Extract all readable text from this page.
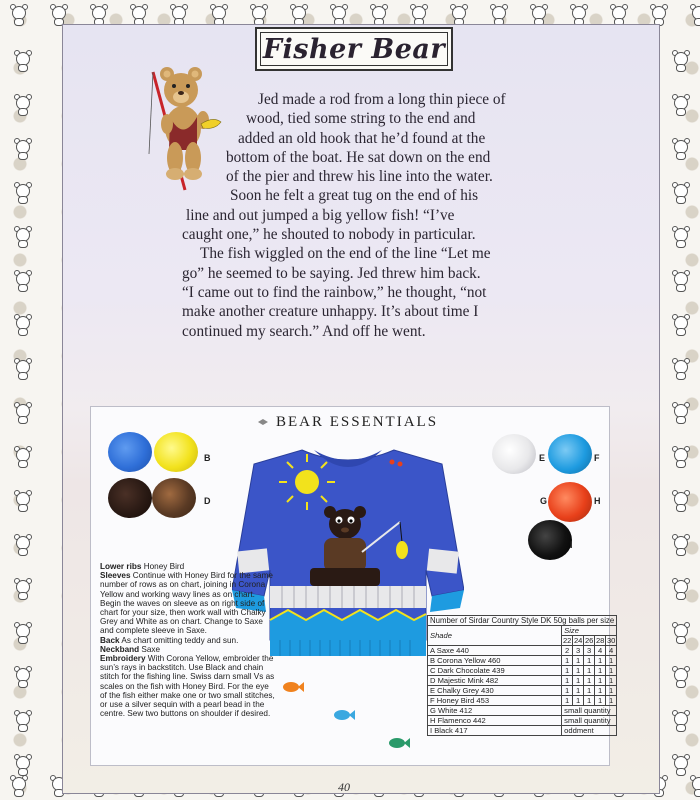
Fisher Bear
Jed made a rod from a long thin piece of
wood, tied some string to the end and
added an old hook that he’d found at the
bottom of the boat. He sat down on the end
of the pier and threw his line into the water.
Soon he felt a great tug on the end of his
line and out jumped a big yellow fish! “I’ve
caught one,” he shouted to nobody in particular.
The fish wiggled on the end of the line “Let me
go” he seemed to be saying. Jed threw him back.
“I came out to find the rainbow,” he thought, “not
make another creature unhappy. It’s about time I
continued my search.” And off he went.
BEAR ESSENTIALS
B
D
E	F
G	H
I
Lower ribs Honey Bird
Sleeves Continue with Honey Bird for the same number of rows as on chart, joining in Corona Yellow and working wavy lines as on chart. Begin the waves on sleeve as on right side of chart for your size, then work wall with Chalky Grey and White as on chart. Change to Saxe and complete sleeve in Saxe.
Back As chart omitting teddy and sun.
Neckband Saxe
Embroidery With Corona Yellow, embroider the sun’s rays in backstitch. Use Black and chain stitch for the fishing line. Swiss darn small Vs as scales on the fish with Honey Bird. For the eye of the fish either make one or two small stitches, or use a silver sequin with a pearl bead in the centre. Sew two buttons on shoulder if desired.
Number of Sirdar Country Style DK 50g balls per size					
Shade	Size				
	22	24	26	28	30
A Saxe 440	2	3	3	4	4
B Corona Yellow 460	1	1	1	1	1
C Dark Chocolate 439	1	1	1	1	1
D Majestic Mink 482	1	1	1	1	1
E Chalky Grey 430	1	1	1	1	1
F Honey Bird 453	1	1	1	1	1
G White 412	small quantity				
H Flamenco 442	small quantity				
I Black 417	oddment				
40
